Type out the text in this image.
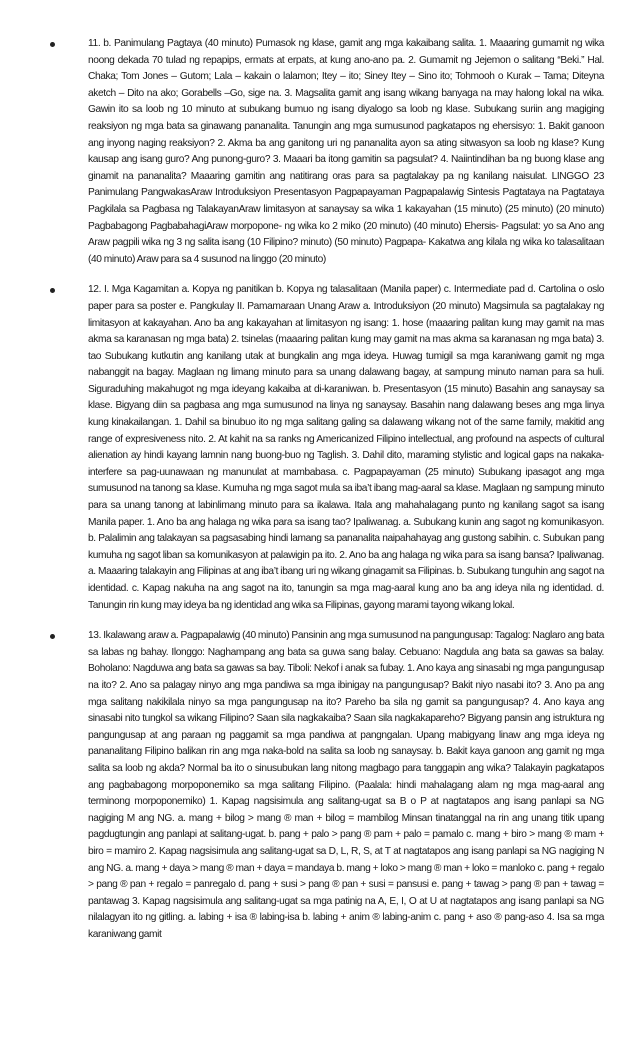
11. b. Panimulang Pagtaya (40 minuto) Pumasok ng klase, gamit ang mga kakaibang salita. 1. Maaaring gumamit ng wika noong dekada 70 tulad ng repapips, ermats at erpats, at kung ano-ano pa. 2. Gumamit ng Jejemon o salitang “Beki.” Hal. Chaka; Tom Jones – Gutom; Lala – kakain o lalamon; Itey – ito; Siney Itey – Sino ito; Tohmooh o Kurak – Tama; Diteyna aketch – Dito na ako; Gorabells –Go, sige na. 3. Magsalita gamit ang isang wikang banyaga na may halong lokal na wika. Gawin ito sa loob ng 10 minuto at subukang bumuo ng isang diyalogo sa loob ng klase. Subukang suriin ang magiging reaksiyon ng mga bata sa ginawang pananalita. Tanungin ang mga sumusunod pagkatapos ng ehersisyo: 1. Bakit ganoon ang inyong naging reaksiyon? 2. Akma ba ang ganitong uri ng pananalita ayon sa ating sitwasyon sa loob ng klase? Kung kausap ang isang guro? Ang punong-guro? 3. Maaari ba itong gamitin sa pagsulat? 4. Naiintindihan ba ng buong klase ang ginamit na pananalita? Maaaring gamitin ang natitirang oras para sa pagtalakay pa ng kanilang naisulat. LINGGO 23 Panimulang PangwakasAraw Introduksiyon Presentasyon Pagpapayaman Pagpapalawig Sintesis Pagtataya na Pagtataya Pagkilala sa Pagbasa ng TalakayanAraw limitasyon at sanaysay sa wika 1 kakayahan (15 minuto) (25 minuto) (20 minuto) Pagbabagong PagbabahagiAraw morpopone- ng wika ko 2 miko (20 minuto) (40 minuto) Ehersis- Pagsulat: yo sa Ano ang Araw pagpili wika ng 3 ng salita isang (10 Filipino? minuto) (50 minuto) Pagpapa- Kakatwa ang kilala ng wika ko talasalitaan (40 minuto) Araw para sa 4 susunod na linggo (20 minuto)
12. I. Mga Kagamitan a. Kopya ng panitikan b. Kopya ng talasalitaan (Manila paper) c. Intermediate pad d. Cartolina o oslo paper para sa poster e. Pangkulay II. Pamamaraan Unang Araw a. Introduksiyon (20 minuto) Magsimula sa pagtalakay ng limitasyon at kakayahan. Ano ba ang kakayahan at limitasyon ng isang: 1. hose (maaaring palitan kung may gamit na mas akma sa karanasan ng mga bata) 2. tsinelas (maaaring palitan kung may gamit na mas akma sa karanasan ng mga bata) 3. tao Subukang kutkutin ang kanilang utak at bungkalin ang mga ideya. Huwag tumigil sa mga karaniwang gamit ng mga nabanggit na bagay. Maglaan ng limang minuto para sa unang dalawang bagay, at sampung minuto naman para sa huli. Siguraduhing makahugot ng mga ideyang kakaiba at di-karaniwan. b. Presentasyon (15 minuto) Basahin ang sanaysay sa klase. Bigyang diin sa pagbasa ang mga sumusunod na linya ng sanaysay. Basahin nang dalawang beses ang mga linya kung kinakailangan. 1. Dahil sa binubuo ito ng mga salitang galing sa dalawang wikang not of the same family, makitid ang range of expresiveness nito. 2. At kahit na sa ranks ng Americanized Filipino intellectual, ang profound na aspects of cultural alienation ay hindi kayang lamnin nang buong-buo ng Taglish. 3. Dahil dito, maraming stylistic and logical gaps na nakaka-interfere sa pag-uunawaan ng manunulat at mambabasa. c. Pagpapayaman (25 minuto) Subukang ipasagot ang mga sumusunod na tanong sa klase. Kumuha ng mga sagot mula sa iba’t ibang mag-aaral sa klase. Maglaan ng sampung minuto para sa unang tanong at labinlimang minuto para sa ikalawa. Itala ang mahahalagang punto ng kanilang sagot sa isang Manila paper. 1. Ano ba ang halaga ng wika para sa isang tao? Ipaliwanag. a. Subukang kunin ang sagot ng komunikasyon. b. Palalimin ang talakayan sa pagsasabing hindi lamang sa pananalita naipahahayag ang gustong sabihin. c. Subukan pang kumuha ng sagot liban sa komunikasyon at palawigin pa ito. 2. Ano ba ang halaga ng wika para sa isang bansa? Ipaliwanag. a. Maaaring talakayin ang Filipinas at ang iba’t ibang uri ng wikang ginagamit sa Filipinas. b. Subukang tunguhin ang sagot na identidad. c. Kapag nakuha na ang sagot na ito, tanungin sa mga mag-aaral kung ano ba ang ideya nila ng identidad. d. Tanungin rin kung may ideya ba ng identidad ang wika sa Filipinas, gayong marami tayong wikang lokal.
13. Ikalawang araw a. Pagpapalawig (40 minuto) Pansinin ang mga sumusunod na pangungusap: Tagalog: Naglaro ang bata sa labas ng bahay. Ilonggo: Naghampang ang bata sa guwa sang balay. Cebuano: Nagdula ang bata sa gawas sa balay. Boholano: Nagduwa ang bata sa gawas sa bay. Tiboli: Nekof i anak sa fubay. 1. Ano kaya ang sinasabi ng mga pangungusap na ito? 2. Ano sa palagay ninyo ang mga pandiwa sa mga ibinigay na pangungusap? Bakit niyo nasabi ito? 3. Ano pa ang mga salitang nakikilala ninyo sa mga pangungusap na ito? Pareho ba sila ng gamit sa pangungusap? 4. Ano kaya ang sinasabi nito tungkol sa wikang Filipino? Saan sila nagkakaiba? Saan sila nagkakapareho? Bigyang pansin ang istruktura ng pangungusap at ang paraan ng paggamit sa mga pandiwa at pangngalan. Upang mabigyang linaw ang mga ideya ng pananalitang Filipino balikan rin ang mga naka-bold na salita sa loob ng sanaysay. b. Bakit kaya ganoon ang gamit ng mga salita sa loob ng akda? Normal ba ito o sinusubukan lang nitong magbago para tanggapin ang wika? Talakayin pagkatapos ang pagbabagong morpoponemiko sa mga salitang Filipino. (Paalala: hindi mahalagang alam ng mga mag-aaral ang terminong morpoponemiko) 1. Kapag nagsisimula ang salitang-ugat sa B o P at nagtatapos ang isang panlapi sa NG nagiging M ang NG. a. mang + bilog > mang ® man + bilog = mambilog Minsan tinatanggal na rin ang unang titik upang pagdugtungin ang panlapi at salitang-ugat. b. pang + palo > pang ® pam + palo = pamalo c. mang + biro > mang ® mam + biro = mamiro 2. Kapag nagsisimula ang salitang-ugat sa D, L, R, S, at T at nagtatapos ang isang panlapi sa NG nagiging N ang NG. a. mang + daya > mang ® man + daya = mandaya b. mang + loko > mang ® man + loko = manloko c. pang + regalo > pang ® pan + regalo = panregalo d. pang + susi > pang ® pan + susi = pansusi e. pang + tawag > pang ® pan + tawag = pantawag 3. Kapag nagsisimula ang salitang-ugat sa mga patinig na A, E, I, O at U at nagtatapos ang isang panlapi sa NG nilalagyan ito ng gitling. a. labing + isa ® labing-isa b. labing + anim ® labing-anim c. pang + aso ® pang-aso 4. Isa sa mga karaniwang gamit
